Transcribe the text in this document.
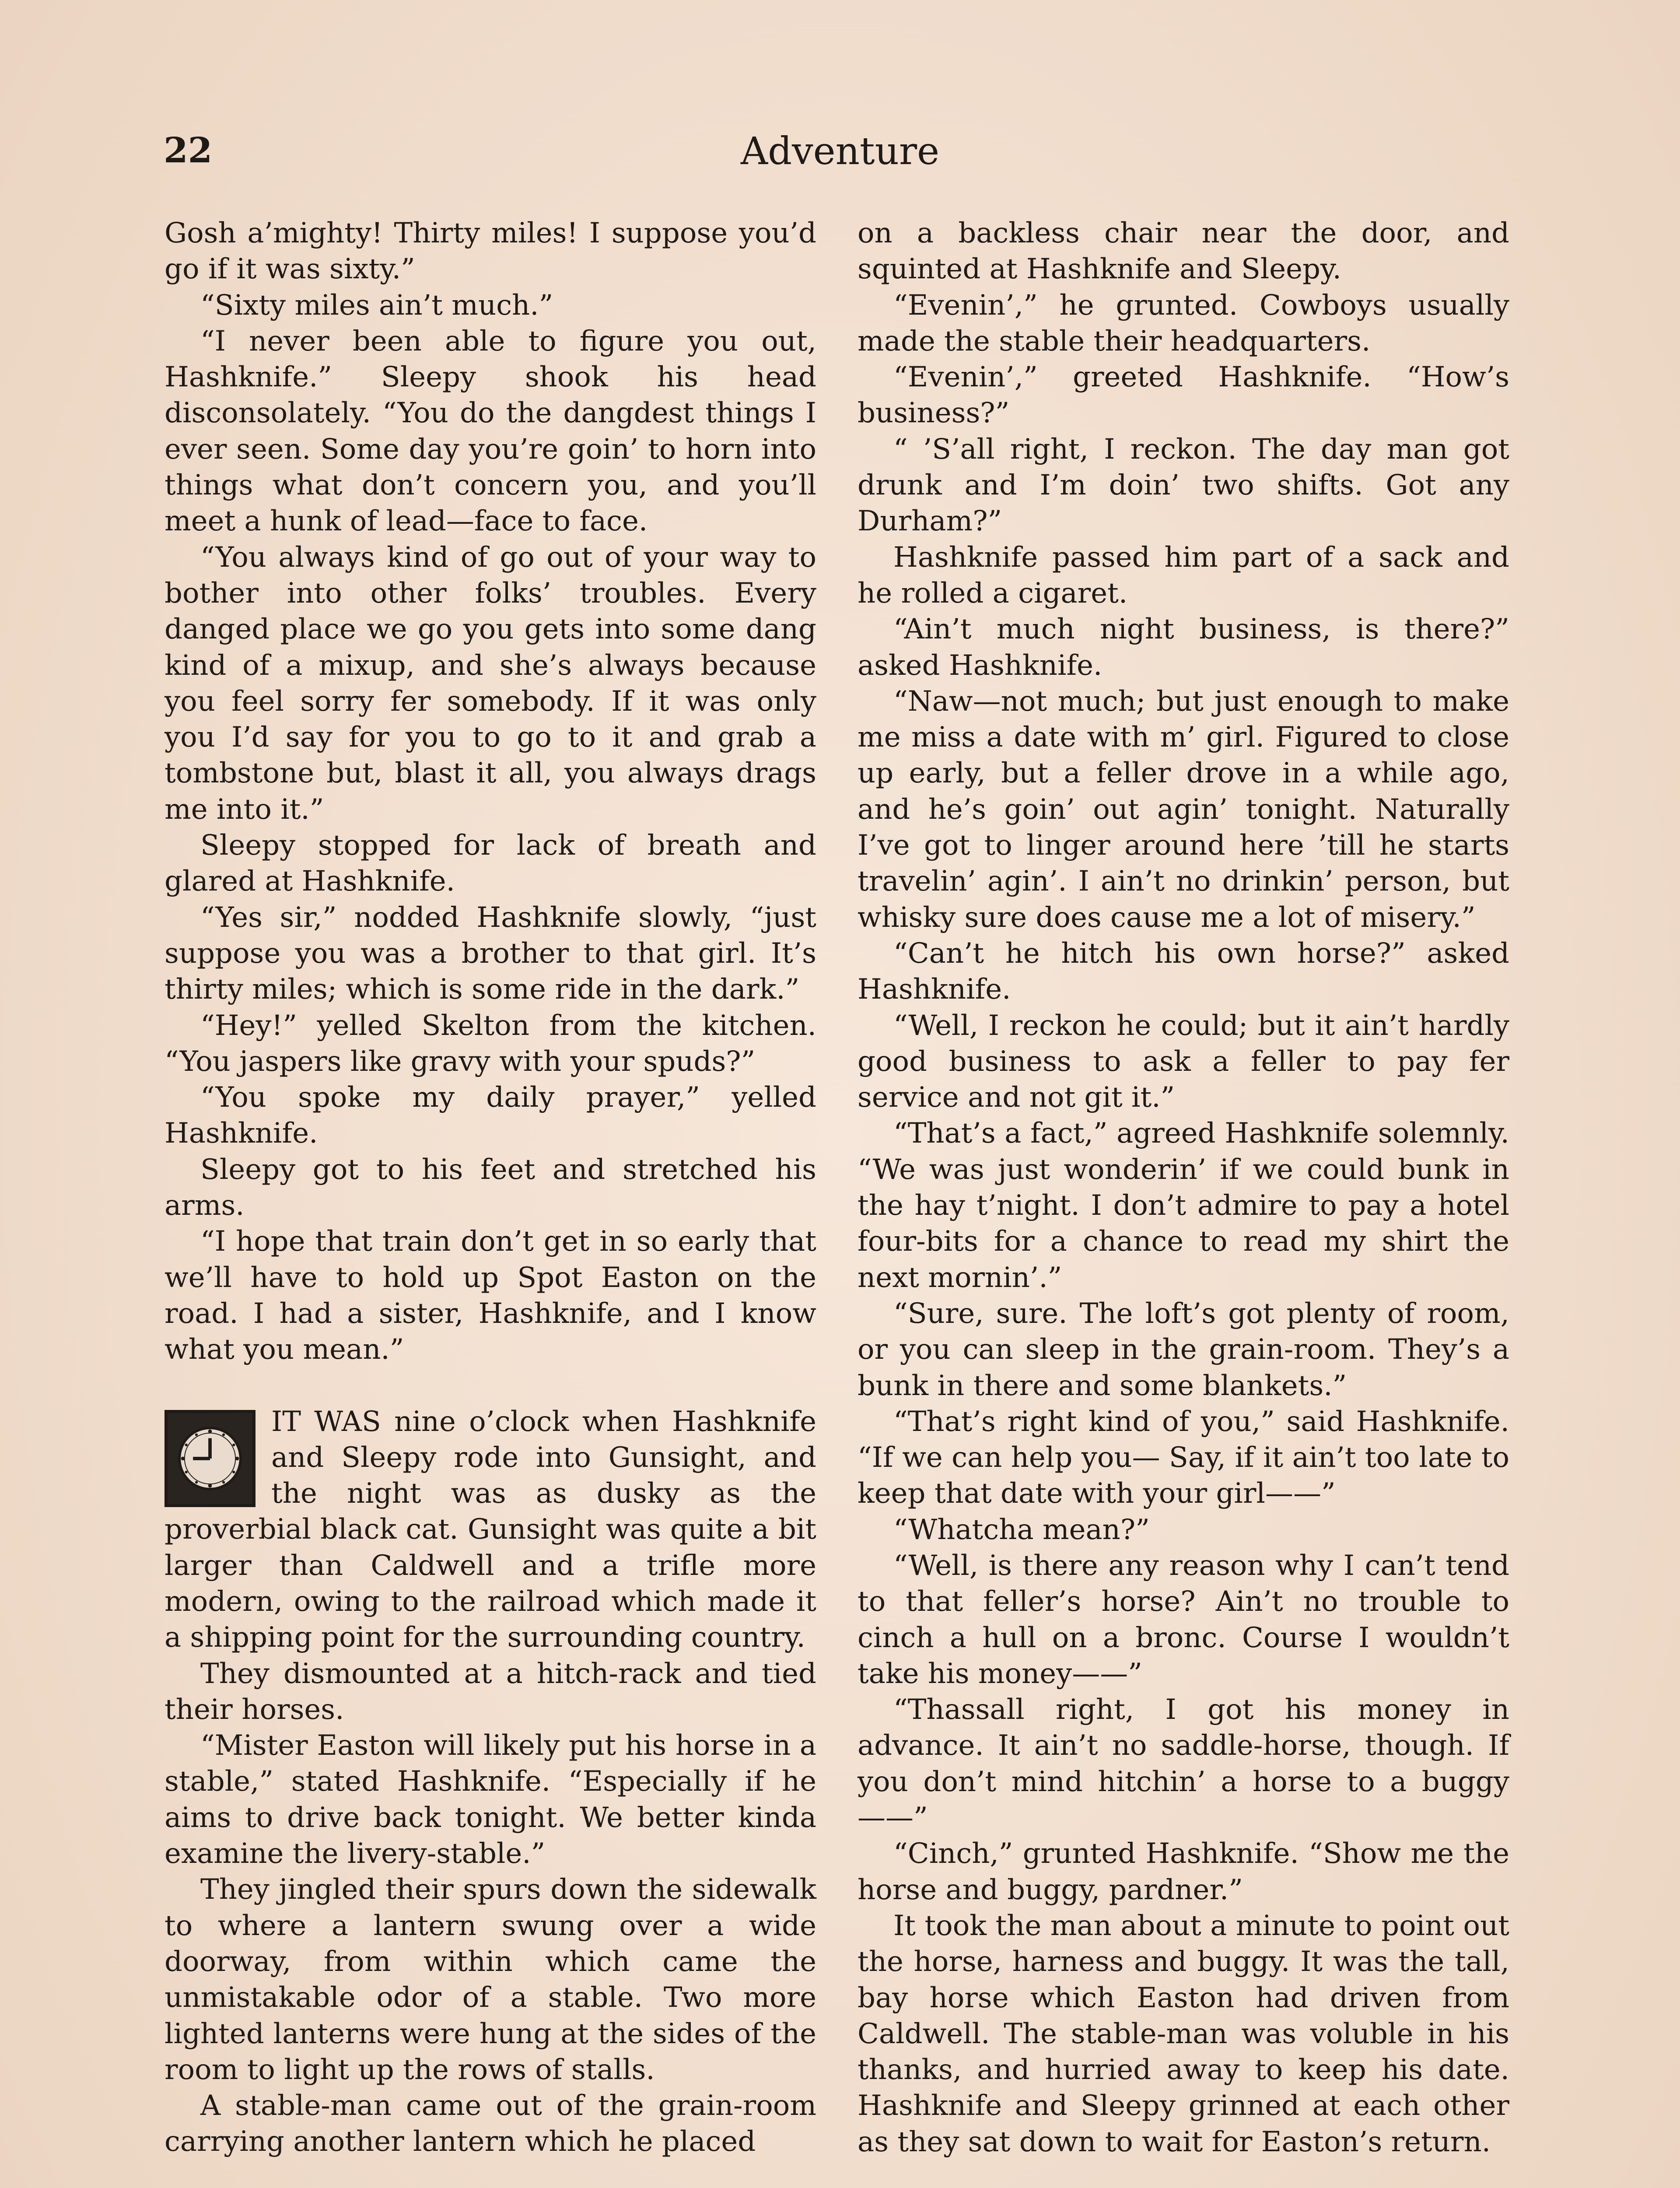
22	Adventure

Gosh a’mighty! Thirty miles! I suppose you’d go if it was sixty.”

“Sixty miles ain’t much.”

“I never been able to figure you out, Hashknife.” Sleepy shook his head disconsolately. “You do the dangdest things I ever seen. Some day you’re goin’ to horn into things what don’t concern you, and you’ll meet a hunk of lead—face to face.

“You always kind of go out of your way to bother into other folks’ troubles. Every danged place we go you gets into some dang kind of a mixup, and she’s always because you feel sorry fer somebody. If it was only you I’d say for you to go to it and grab a tombstone but, blast it all, you always drags me into it.”

Sleepy stopped for lack of breath and glared at Hashknife.

“Yes sir,” nodded Hashknife slowly, “just suppose you was a brother to that girl. It’s thirty miles; which is some ride in the dark.”

“Hey!” yelled Skelton from the kitchen. “You jaspers like gravy with your spuds?”

“You spoke my daily prayer,” yelled Hashknife.

Sleepy got to his feet and stretched his arms.

“I hope that train don’t get in so early that we’ll have to hold up Spot Easton on the road. I had a sister, Hashknife, and I know what you mean.”

IT WAS nine o’clock when Hashknife and Sleepy rode into Gunsight, and the night was as dusky as the proverbial black cat. Gunsight was quite a bit larger than Caldwell and a trifle more modern, owing to the railroad which made it a shipping point for the surrounding country.

They dismounted at a hitch-rack and tied their horses.

“Mister Easton will likely put his horse in a stable,” stated Hashknife. “Especially if he aims to drive back tonight. We better kinda examine the livery-stable.”

They jingled their spurs down the sidewalk to where a lantern swung over a wide doorway, from within which came the unmistakable odor of a stable. Two more lighted lanterns were hung at the sides of the room to light up the rows of stalls.

A stable-man came out of the grain-room carrying another lantern which he placed

on a backless chair near the door, and squinted at Hashknife and Sleepy.

“Evenin’,” he grunted. Cowboys usually made the stable their headquarters.

“Evenin’,” greeted Hashknife. “How’s business?”

“ ’S’all right, I reckon. The day man got drunk and I’m doin’ two shifts. Got any Durham?”

Hashknife passed him part of a sack and he rolled a cigaret.

“Ain’t much night business, is there?” asked Hashknife.

“Naw—not much; but just enough to make me miss a date with m’ girl. Figured to close up early, but a feller drove in a while ago, and he’s goin’ out agin’ tonight. Naturally I’ve got to linger around here ’till he starts travelin’ agin’. I ain’t no drinkin’ person, but whisky sure does cause me a lot of misery.”

“Can’t he hitch his own horse?” asked Hashknife.

“Well, I reckon he could; but it ain’t hardly good business to ask a feller to pay fer service and not git it.”

“That’s a fact,” agreed Hashknife solemnly. “We was just wonderin’ if we could bunk in the hay t’night. I don’t admire to pay a hotel four-bits for a chance to read my shirt the next mornin’.”

“Sure, sure. The loft’s got plenty of room, or you can sleep in the grain-room. They’s a bunk in there and some blankets.”

“That’s right kind of you,” said Hashknife. “If we can help you— Say, if it ain’t too late to keep that date with your girl——”

“Whatcha mean?”

“Well, is there any reason why I can’t tend to that feller’s horse? Ain’t no trouble to cinch a hull on a bronc. Course I wouldn’t take his money——”

“Thassall right, I got his money in advance. It ain’t no saddle-horse, though. If you don’t mind hitchin’ a horse to a buggy——”

“Cinch,” grunted Hashknife. “Show me the horse and buggy, pardner.”

It took the man about a minute to point out the horse, harness and buggy. It was the tall, bay horse which Easton had driven from Caldwell. The stable-man was voluble in his thanks, and hurried away to keep his date. Hashknife and Sleepy grinned at each other as they sat down to wait for Easton’s return.
